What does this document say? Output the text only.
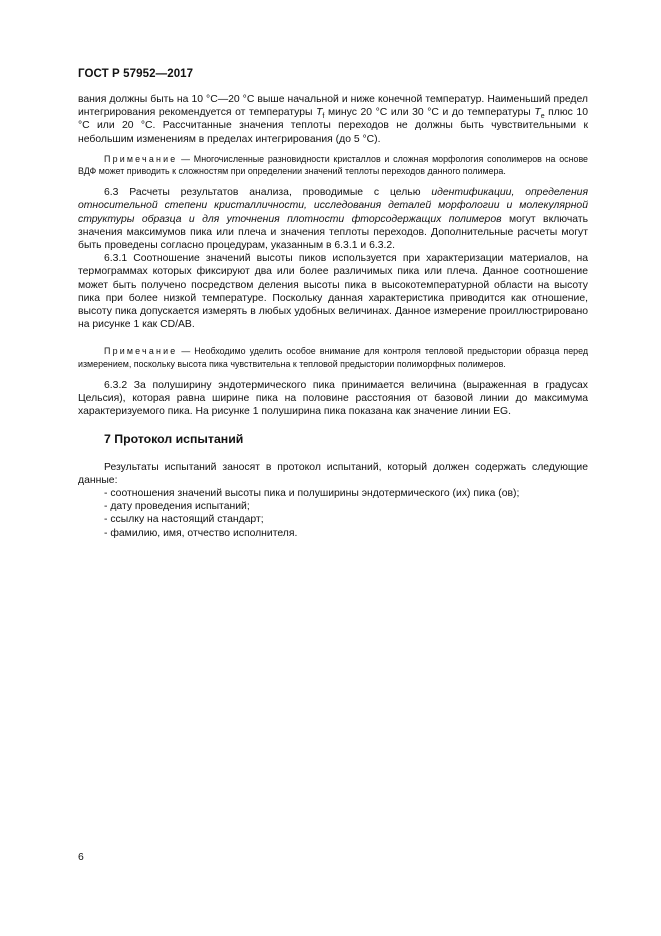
ГОСТ Р 57952—2017

вания должны быть на 10 °С—20 °С выше начальной и ниже конечной температур. Наименьший предел интегрирования рекомендуется от температуры $T_f$ минус 20 °С или 30 °С и до температуры $T_e$ плюс 10 °С или 20 °С. Рассчитанные значения теплоты переходов не должны быть чувствительными к небольшим изменениям в пределах интегрирования (до 5 °С).

Примечание — Многочисленные разновидности кристаллов и сложная морфология сополимеров на основе ВДФ может приводить к сложностям при определении значений теплоты переходов данного полимера.

6.3 Расчеты результатов анализа, проводимые с целью идентификации, определения относительной степени кристалличности, исследования деталей морфологии и молекулярной структуры образца и для уточнения плотности фторсодержащих полимеров могут включать значения максимумов пика или плеча и значения теплоты переходов. Дополнительные расчеты могут быть проведены согласно процедурам, указанным в 6.3.1 и 6.3.2.

6.3.1 Соотношение значений высоты пиков используется при характеризации материалов, на термограммах которых фиксируют два или более различимых пика или плеча. Данное соотношение может быть получено посредством деления высоты пика в высокотемпературной области на высоту пика при более низкой температуре. Поскольку данная характеристика приводится как отношение, высоту пика допускается измерять в любых удобных величинах. Данное измерение проиллюстрировано на рисунке 1 как CD/AB.

Примечание — Необходимо уделить особое внимание для контроля тепловой предыстории образца перед измерением, поскольку высота пика чувствительна к тепловой предыстории полиморфных полимеров.

6.3.2 За полуширину эндотермического пика принимается величина (выраженная в градусах Цельсия), которая равна ширине пика на половине расстояния от базовой линии до максимума характеризуемого пика. На рисунке 1 полуширина пика показана как значение линии EG.

7 Протокол испытаний

Результаты испытаний заносят в протокол испытаний, который должен содержать следующие данные:

- соотношения значений высоты пика и полуширины эндотермического (их) пика (ов);
- дату проведения испытаний;
- ссылку на настоящий стандарт;
- фамилию, имя, отчество исполнителя.
6
